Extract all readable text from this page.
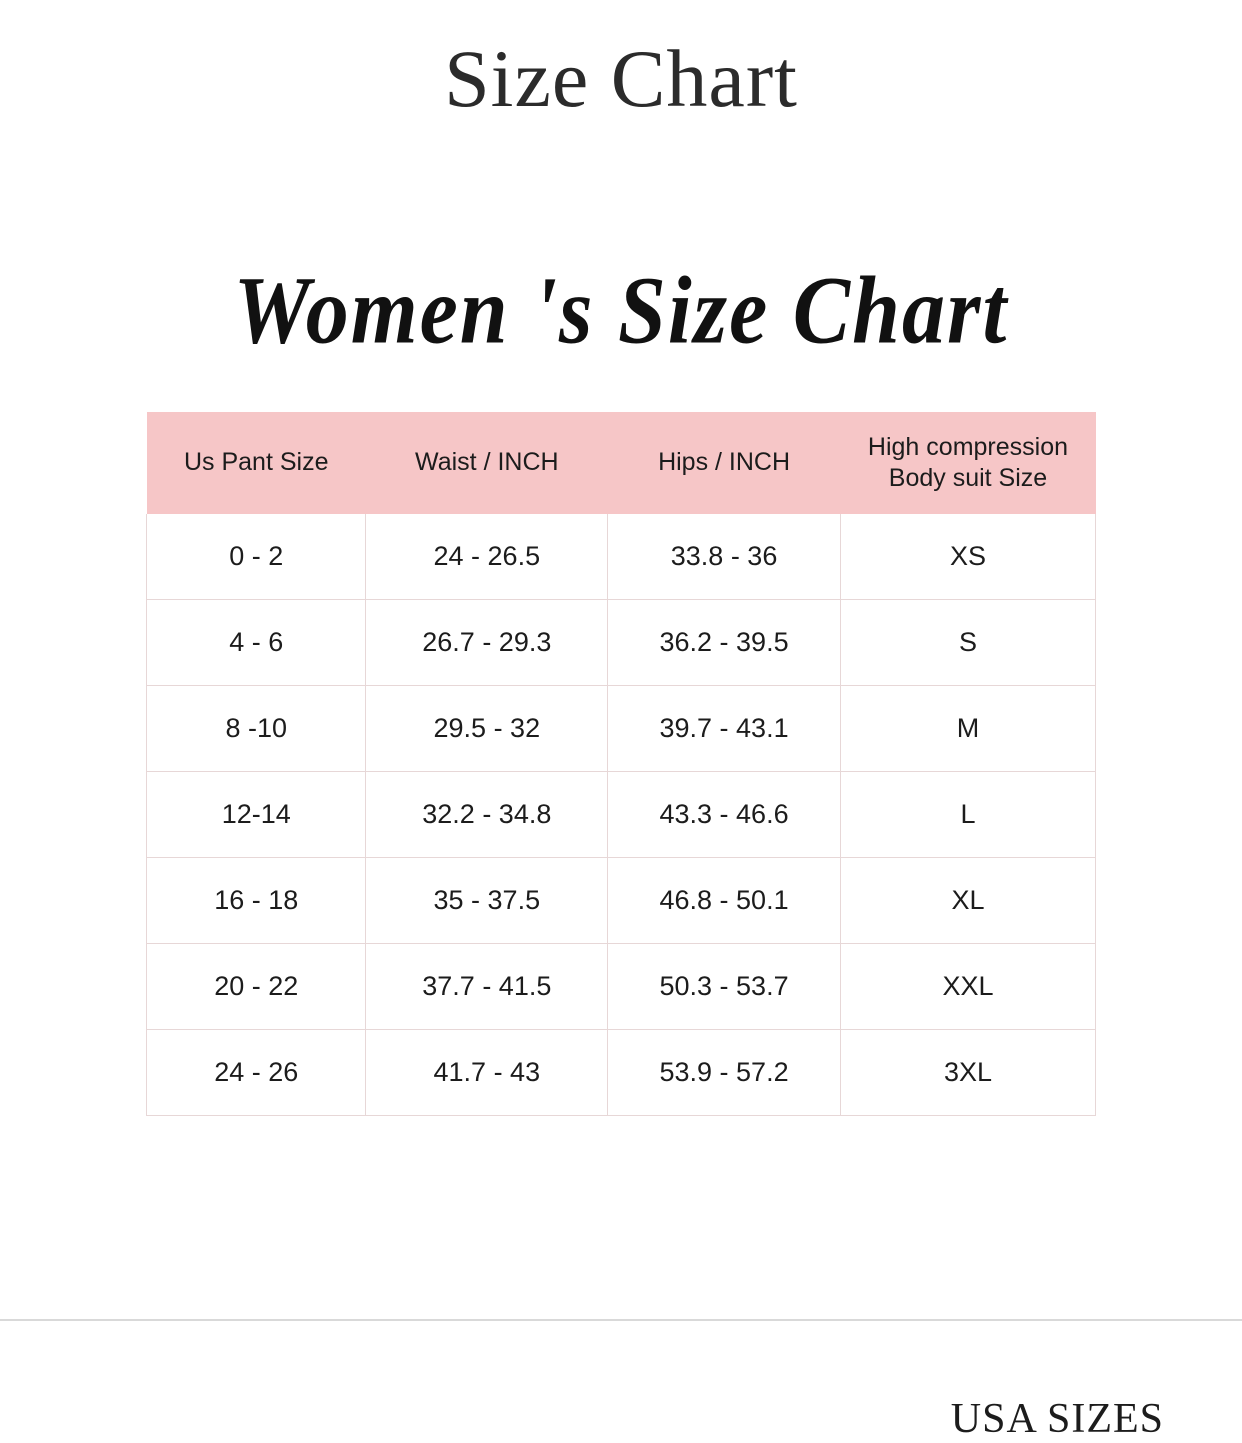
Size Chart
Women 's Size Chart
Us Pant Size	Waist / INCH	Hips / INCH	High compression Body suit Size
0 - 2	24 - 26.5	33.8 - 36	XS
4 - 6	26.7 - 29.3	36.2 - 39.5	S
8 -10	29.5 - 32	39.7 - 43.1	M
12-14	32.2 - 34.8	43.3 - 46.6	L
16 - 18	35 - 37.5	46.8 - 50.1	XL
20 - 22	37.7 - 41.5	50.3 - 53.7	XXL
24 - 26	41.7 - 43	53.9 - 57.2	3XL
USA SIZES
